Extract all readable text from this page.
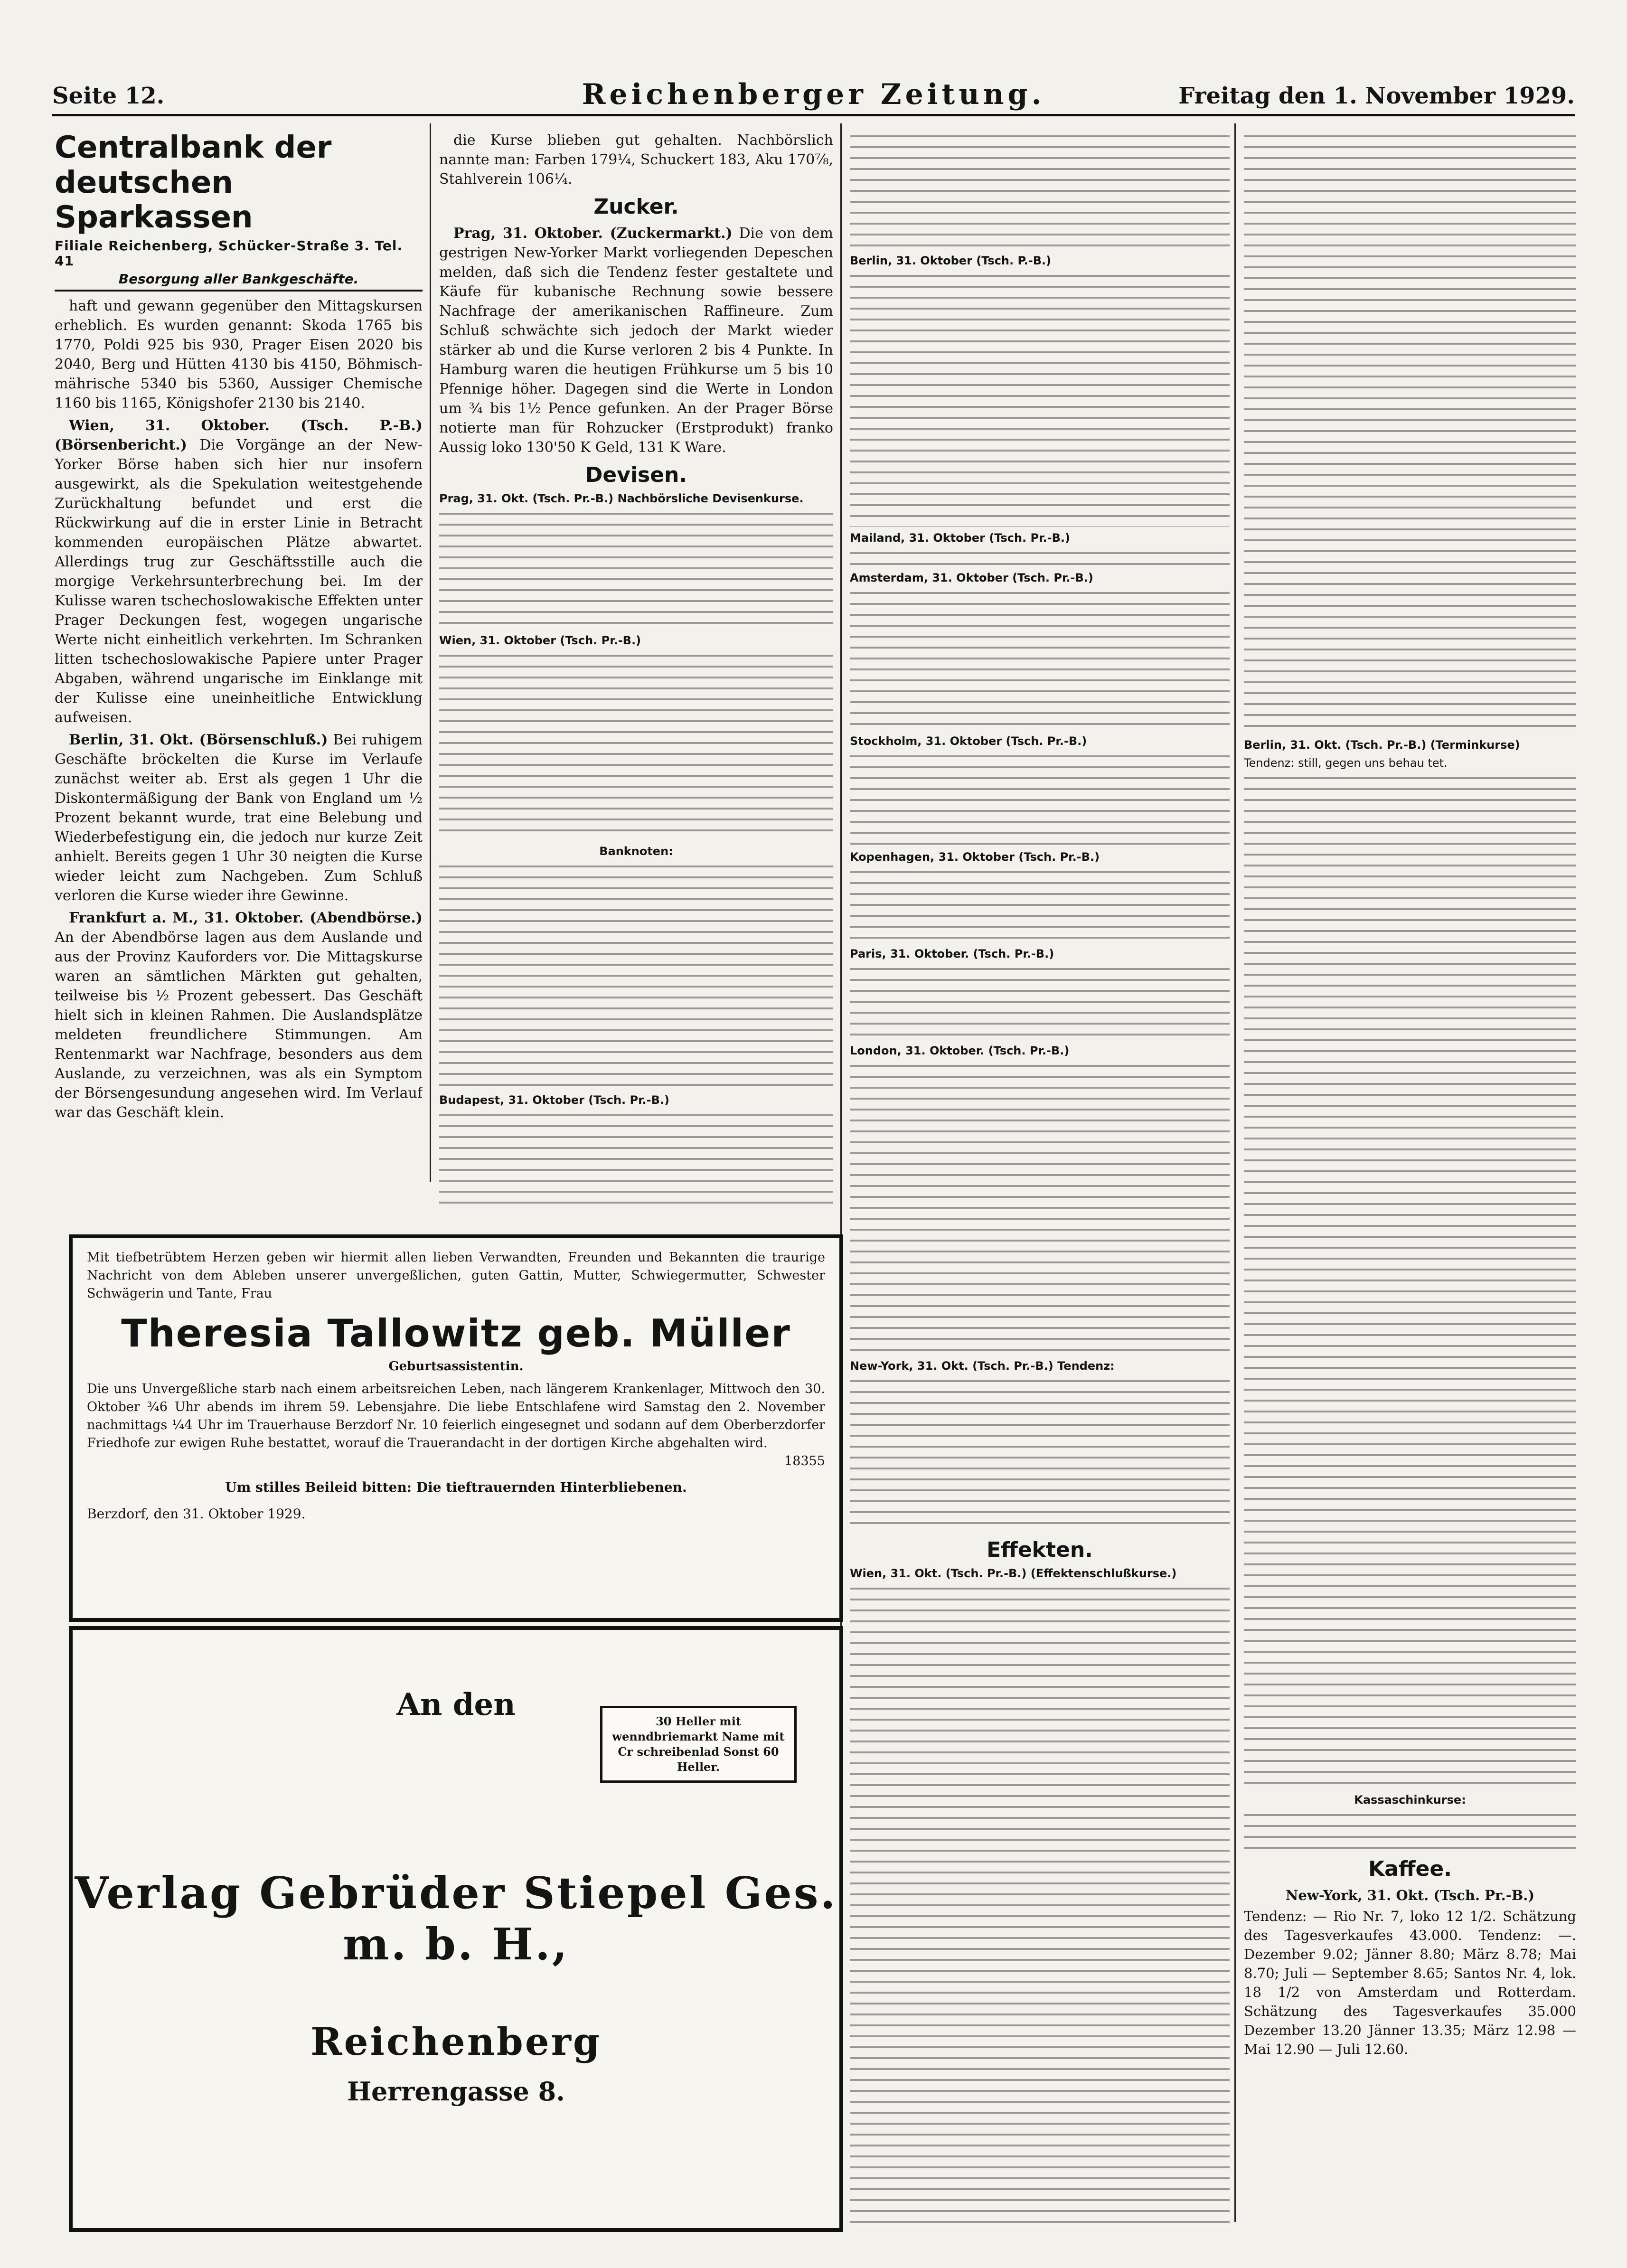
Seite 12.	Reichenberger Zeitung.	Freitag den 1. November 1929.
Centralbank der deutschen Sparkassen
Filiale Reichenberg, Schücker-Straße 3. Tel. 41
Besorgung aller Bankgeschäfte.

haft und gewann gegenüber den Mittagskursen erheblich. Es wurden genannt: Skoda 1765 bis 1770, Poldi 925 bis 930, Prager Eisen 2020 bis 2040, Berg und Hütten 4130 bis 4150, Böhmisch-mährische 5340 bis 5360, Aussiger Chemische 1160 bis 1165, Königshofer 2130 bis 2140.

Wien, 31. Oktober. (Tsch. P.-B.) (Börsenbericht.) Die Vorgänge an der New-Yorker Börse haben sich hier nur insofern ausgewirkt, als die Spekulation weitestgehende Zurückhaltung befundet und erst die Rückwirkung auf die in erster Linie in Betracht kommenden europäischen Plätze abwartet. Allerdings trug zur Geschäftsstille auch die morgige Verkehrsunterbrechung bei. Im der Kulisse waren tschechoslowakische Effekten unter Prager Deckungen fest, wogegen ungarische Werte nicht einheitlich verkehrten. Im Schranken litten tschechoslowakische Papiere unter Prager Abgaben, während ungarische im Einklange mit der Kulisse eine uneinheitliche Entwicklung aufweisen.

Berlin, 31. Okt. (Börsenschluß.) Bei ruhigem Geschäfte bröckelten die Kurse im Verlaufe zunächst weiter ab. Erst als gegen 1 Uhr die Diskontermäßigung der Bank von England um ½ Prozent bekannt wurde, trat eine Belebung und Wiederbefestigung ein, die jedoch nur kurze Zeit anhielt. Bereits gegen 1 Uhr 30 neigten die Kurse wieder leicht zum Nachgeben. Zum Schluß verloren die Kurse wieder ihre Gewinne.

Frankfurt a. M., 31. Oktober. (Abendbörse.) An der Abendbörse lagen aus dem Auslande und aus der Provinz Kauforders vor. Die Mittagskurse waren an sämtlichen Märkten gut gehalten, teilweise bis ½ Prozent gebessert. Das Geschäft hielt sich in kleinen Rahmen. Die Auslandsplätze meldeten freundlichere Stimmungen. Am Rentenmarkt war Nachfrage, besonders aus dem Auslande, zu verzeichnen, was als ein Symptom der Börsengesundung angesehen wird. Im Verlauf war das Geschäft klein.

die Kurse blieben gut gehalten. Nachbörslich nannte man: Farben 179¼, Schuckert 183, Aku 170⅞, Stahlverein 106¼.

Zucker.

Prag, 31. Oktober. (Zuckermarkt.) Die von dem gestrigen New-Yorker Markt vorliegenden Depeschen melden, daß sich die Tendenz fester gestaltete und Käufe für kubanische Rechnung sowie bessere Nachfrage der amerikanischen Raffineure. Zum Schluß schwächte sich jedoch der Markt wieder stärker ab und die Kurse verloren 2 bis 4 Punkte. In Hamburg waren die heutigen Frühkurse um 5 bis 10 Pfennige höher. Dagegen sind die Werte in London um ¾ bis 1½ Pence gefunken. An der Prager Börse notierte man für Rohzucker (Erstprodukt) franko Aussig loko 130'50 K Geld, 131 K Ware.

Devisen.
Prag, 31. Okt. (Tsch. Pr.-B.) Nachbörsliche Devisenkurse.
Wien, 31. Oktober (Tsch. Pr.-B.)
Banknoten:
Budapest, 31. Oktober (Tsch. Pr.-B.)
Mit tiefbetrübtem Herzen geben wir hiermit allen lieben Verwandten, Freunden und Bekannten die traurige Nachricht von dem Ableben unserer unvergeßlichen, guten Gattin, Mutter, Schwiegermutter, Schwester Schwägerin und Tante, Frau
Theresia Tallowitz geb. Müller
Geburtsassistentin.
Die uns Unvergeßliche starb nach einem arbeitsreichen Leben, nach längerem Krankenlager, Mittwoch den 30. Oktober ¾6 Uhr abends im ihrem 59. Lebensjahre. Die liebe Entschlafene wird Samstag den 2. November nachmittags ¼4 Uhr im Trauerhause Berzdorf Nr. 10 feierlich eingesegnet und sodann auf dem Oberberzdorfer Friedhofe zur ewigen Ruhe bestattet, worauf die Trauerandacht in der dortigen Kirche abgehalten wird.
18355
Um stilles Beileid bitten: Die tieftrauernden Hinterbliebenen.
Berzdorf, den 31. Oktober 1929.
30 Heller mit wenndbriemarkt Name mit Cr schreibenlad Sonst 60 Heller.
An den
Verlag Gebrüder Stiepel Ges. m. b. H.,
Reichenberg
Herrengasse 8.
Berlin, 31. Oktober (Tsch. P.-B.)
Mailand, 31. Oktober (Tsch. Pr.-B.)
Amsterdam, 31. Oktober (Tsch. Pr.-B.)
Stockholm, 31. Oktober (Tsch. Pr.-B.)
Kopenhagen, 31. Oktober (Tsch. Pr.-B.)
Paris, 31. Oktober. (Tsch. Pr.-B.)
London, 31. Oktober. (Tsch. Pr.-B.)
New-York, 31. Okt. (Tsch. Pr.-B.) Tendenz:
Effekten.
Wien, 31. Okt. (Tsch. Pr.-B.) (Effektenschlußkurse.)
Berlin, 31. Okt. (Tsch. Pr.-B.) (Terminkurse)
Tendenz: still, gegen uns behau tet.
Kassaschinkurse:
Kaffee.

New-York, 31. Okt. (Tsch. Pr.-B.)

Tendenz: — Rio Nr. 7, loko 12 1/2. Schätzung des Tagesverkaufes 43.000. Tendenz: —. Dezember 9.02; Jänner 8.80; März 8.78; Mai 8.70; Juli — September 8.65; Santos Nr. 4, lok. 18 1/2 von Amsterdam und Rotterdam. Schätzung des Tagesverkaufes 35.000 Dezember 13.20 Jänner 13.35; März 12.98 — Mai 12.90 — Juli 12.60.
